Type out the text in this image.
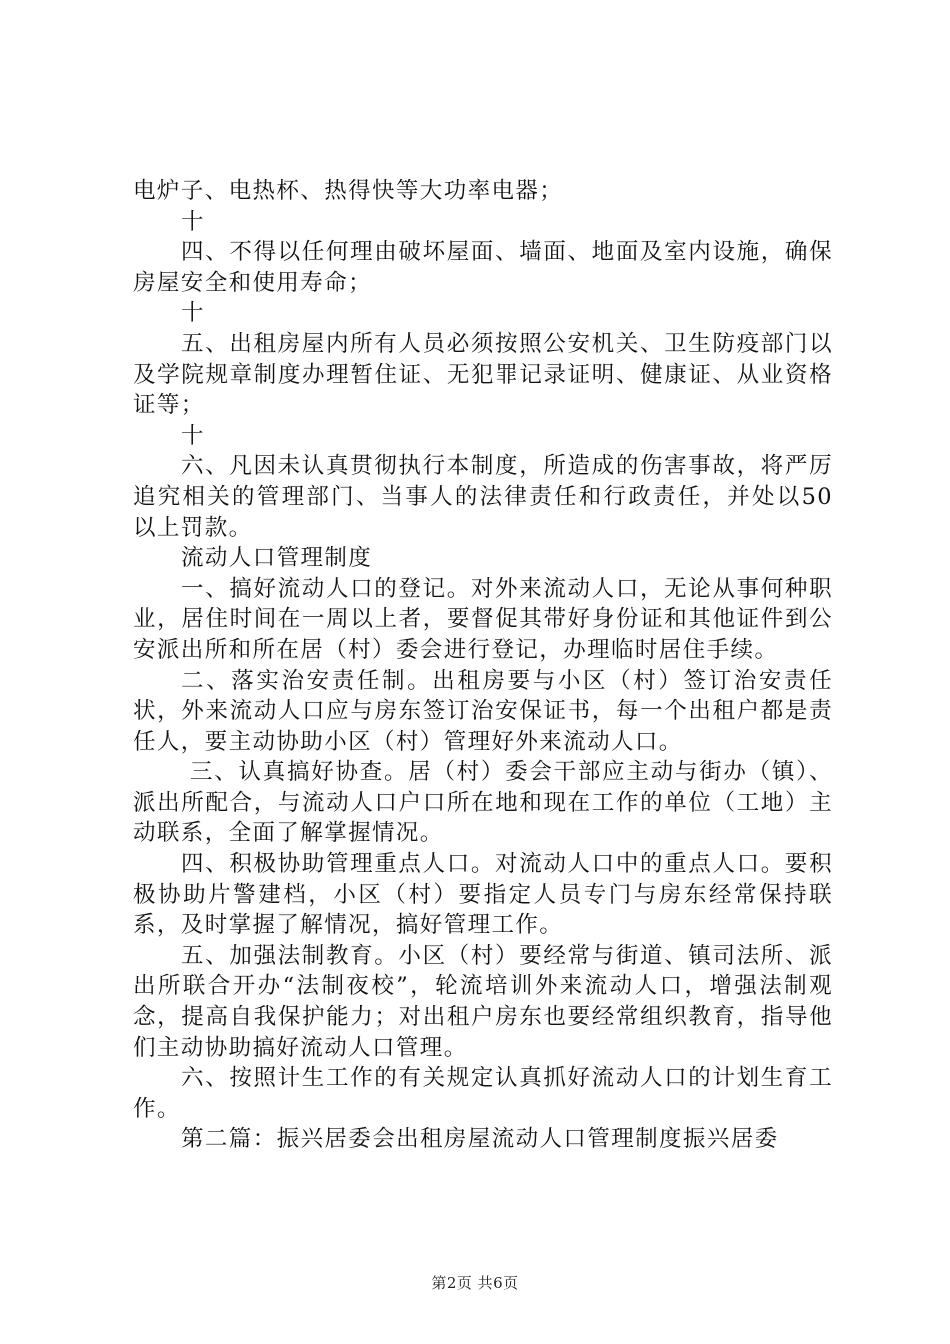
电炉子、电热杯、热得快等大功率电器；

十

四、不得以任何理由破坏屋面、墙面、地面及室内设施，确保房屋安全和使用寿命；

十

五、出租房屋内所有人员必须按照公安机关、卫生防疫部门以及学院规章制度办理暂住证、无犯罪记录证明、健康证、从业资格证等；

十

六、凡因未认真贯彻执行本制度，所造成的伤害事故，将严厉追究相关的管理部门、当事人的法律责任和行政责任，并处以50以上罚款。

流动人口管理制度

一、搞好流动人口的登记。对外来流动人口，无论从事何种职业，居住时间在一周以上者，要督促其带好身份证和其他证件到公安派出所和所在居（村）委会进行登记，办理临时居住手续。

二、落实治安责任制。出租房要与小区（村）签订治安责任状，外来流动人口应与房东签订治安保证书，每一个出租户都是责任人，要主动协助小区（村）管理好外来流动人口。

三、认真搞好协查。居（村）委会干部应主动与街办（镇）、派出所配合，与流动人口户口所在地和现在工作的单位（工地）主动联系，全面了解掌握情况。

四、积极协助管理重点人口。对流动人口中的重点人口。要积极协助片警建档，小区（村）要指定人员专门与房东经常保持联系，及时掌握了解情况，搞好管理工作。

五、加强法制教育。小区（村）要经常与街道、镇司法所、派出所联合开办“法制夜校”，轮流培训外来流动人口，增强法制观念，提高自我保护能力；对出租户房东也要经常组织教育，指导他们主动协助搞好流动人口管理。

六、按照计生工作的有关规定认真抓好流动人口的计划生育工作。

第二篇：振兴居委会出租房屋流动人口管理制度振兴居委

第2页 共6页
